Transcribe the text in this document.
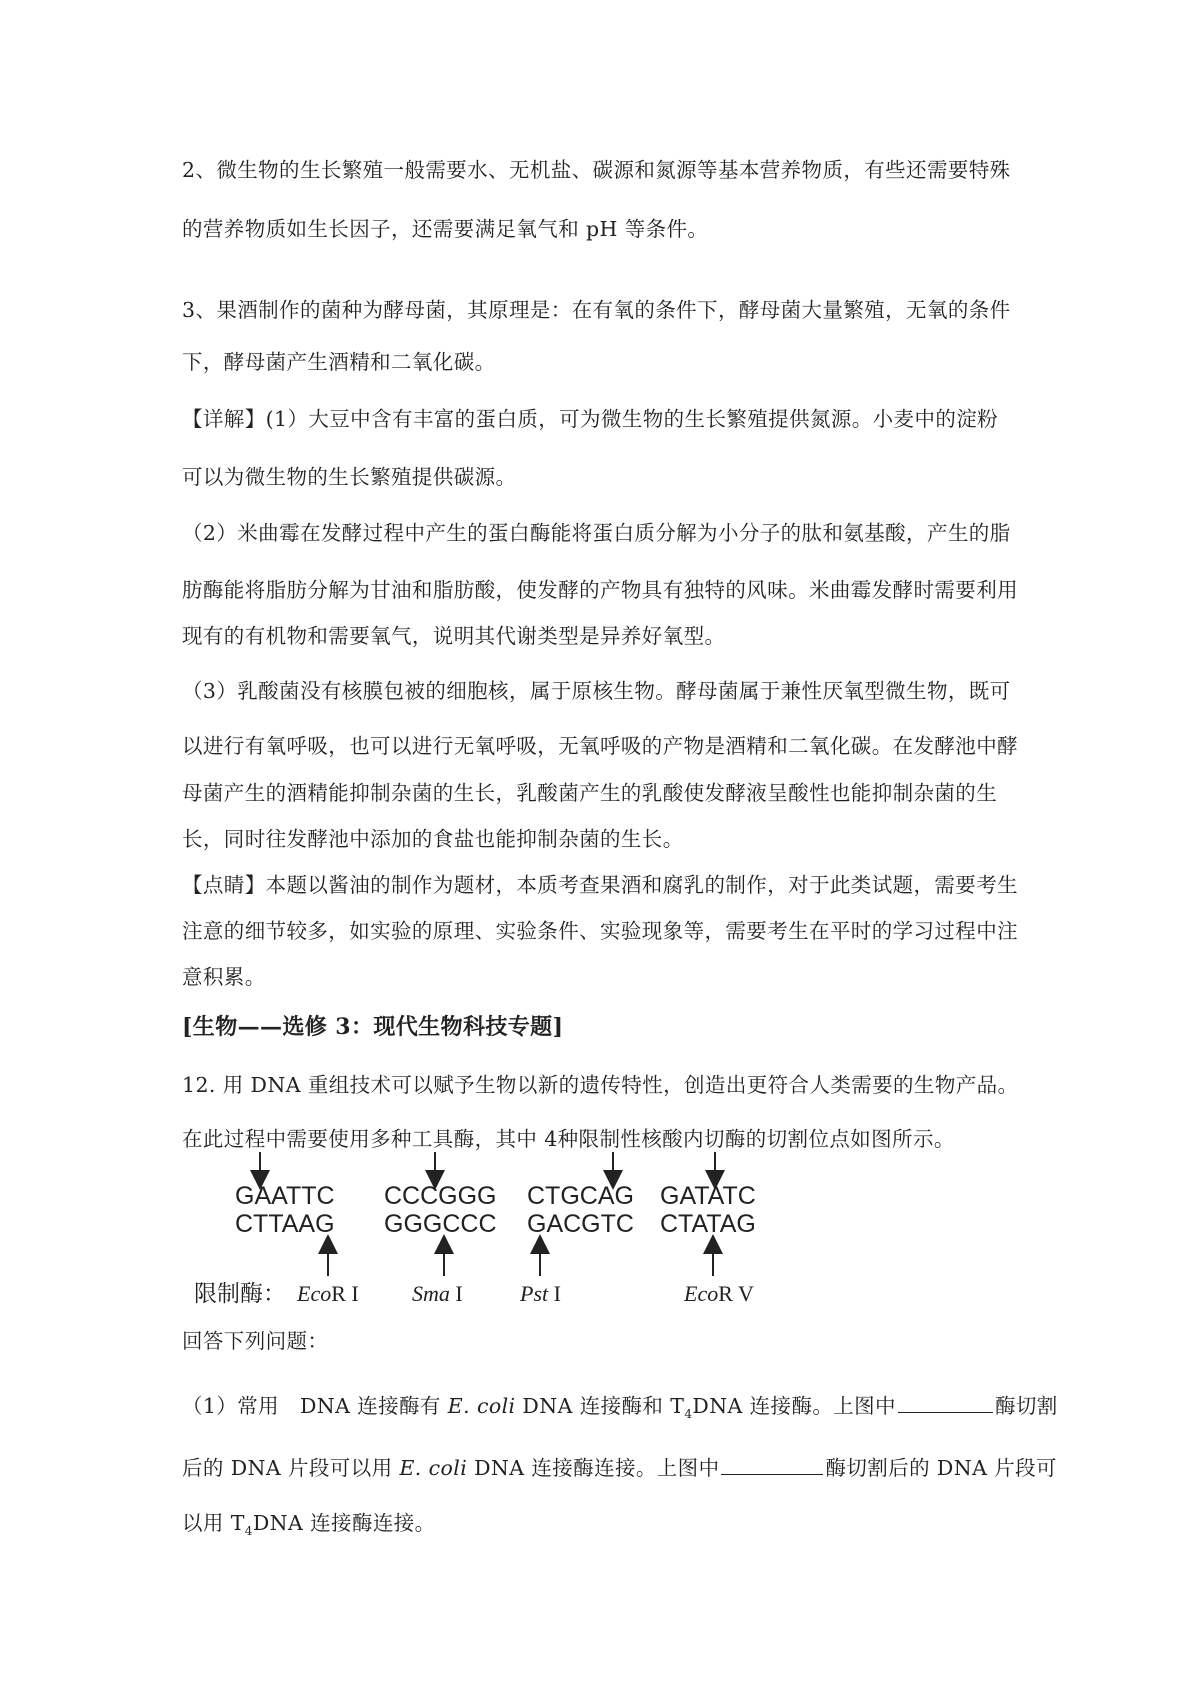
2、微生物的生长繁殖一般需要水、无机盐、碳源和氮源等基本营养物质，有些还需要特殊
的营养物质如生长因子，还需要满足氧气和 pH 等条件。
3、果酒制作的菌种为酵母菌，其原理是：在有氧的条件下，酵母菌大量繁殖，无氧的条件
下，酵母菌产生酒精和二氧化碳。
【详解】(1）大豆中含有丰富的蛋白质，可为微生物的生长繁殖提供氮源。小麦中的淀粉
可以为微生物的生长繁殖提供碳源。
（2）米曲霉在发酵过程中产生的蛋白酶能将蛋白质分解为小分子的肽和氨基酸，产生的脂
肪酶能将脂肪分解为甘油和脂肪酸，使发酵的产物具有独特的风味。米曲霉发酵时需要利用
现有的有机物和需要氧气，说明其代谢类型是异养好氧型。
（3）乳酸菌没有核膜包被的细胞核，属于原核生物。酵母菌属于兼性厌氧型微生物，既可
以进行有氧呼吸，也可以进行无氧呼吸，无氧呼吸的产物是酒精和二氧化碳。在发酵池中酵
母菌产生的酒精能抑制杂菌的生长，乳酸菌产生的乳酸使发酵液呈酸性也能抑制杂菌的生
长，同时往发酵池中添加的食盐也能抑制杂菌的生长。
【点睛】本题以酱油的制作为题材，本质考查果酒和腐乳的制作，对于此类试题，需要考生
注意的细节较多，如实验的原理、实验条件、实验现象等，需要考生在平时的学习过程中注
意积累。
[生物——选修 3：现代生物科技专题]
12. 用 DNA 重组技术可以赋予生物以新的遗传特性，创造出更符合人类需要的生物产品。
在此过程中需要使用多种工具酶，其中 4种限制性核酸内切酶的切割位点如图所示。
GAATTC CCCGGG CTGCAG GATATC
CTTAAG GGGCCC GACGTC CTATAG
限制酶： EcoR I Sma I	Pst I	EcoR V
回答下列问题：
（1）常用　DNA 连接酶有 E. coli DNA 连接酶和 $T_4DNA$ 连接酶。上图中	酶切割
后的 DNA 片段可以用 E. coli DNA 连接酶连接。上图中	酶切割后的 DNA 片段可
以用 $T_4DNA$ 连接酶连接。
